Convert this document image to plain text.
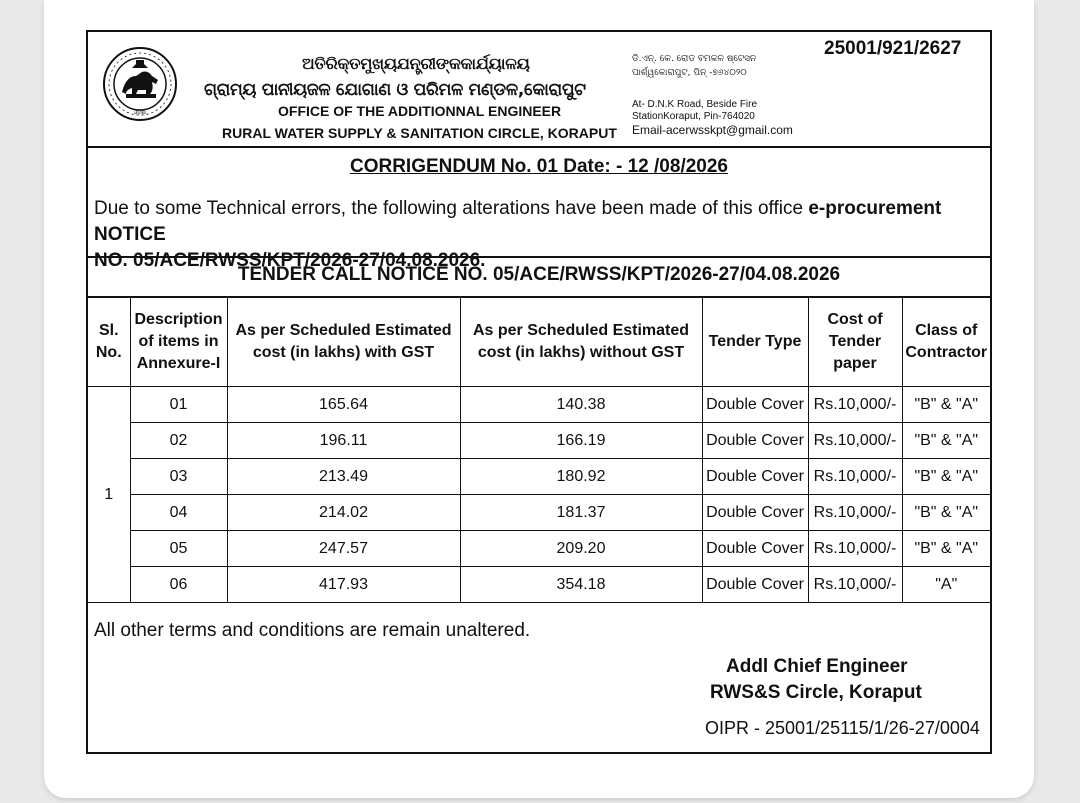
ଓଡ଼ିଶା
ଅତିରିକ୍ତମୁଖ୍ୟଯନ୍ତ୍ରୀଙ୍କକାର୍ଯ୍ୟାଳୟ
ଗ୍ରାମ୍ୟ ପାନୀୟଜଳ ଯୋଗାଣ ଓ ପରିମଳ ମଣ୍ଡଳ,କୋରାପୁଟ
OFFICE OF THE ADDITIONNAL ENGINEER
RURAL WATER SUPPLY & SANITATION CIRCLE, KORAPUT
ଡି.ଏନ୍. କେ. ରୋଡ ବମକଳ ଷ୍ଟେସନ
ପାର୍ଶ୍ୱକୋରାପୁଟ, ପିନ୍ -୭୬୪୦୨୦
At- D.N.K Road, Beside Fire
StationKoraput, Pin-764020
Email-acerwsskpt@gmail.com
25001/921/2627
CORRIGENDUM No. 01 Date: - 12 /08/2026
Due to some Technical errors, the following alterations have been made of this office e-procurement NOTICE
NO. 05/ACE/RWSS/KPT/2026-27/04.08.2026.
TENDER CALL NOTICE NO. 05/ACE/RWSS/KPT/2026-27/04.08.2026
Sl.
No.	Description
of items in
Annexure-I	As per Scheduled Estimated
cost (in lakhs) with GST	As per Scheduled Estimated
cost (in lakhs) without GST	Tender Type	Cost of
Tender
paper	Class of
Contractor
1	01	165.64	140.38	Double Cover	Rs.10,000/-	"B" & "A"
	02	196.11	166.19	Double Cover	Rs.10,000/-	"B" & "A"
	03	213.49	180.92	Double Cover	Rs.10,000/-	"B" & "A"
	04	214.02	181.37	Double Cover	Rs.10,000/-	"B" & "A"
	05	247.57	209.20	Double Cover	Rs.10,000/-	"B" & "A"
	06	417.93	354.18	Double Cover	Rs.10,000/-	"A"
All other terms and conditions are remain unaltered.
Addl Chief Engineer
RWS&S Circle, Koraput
OIPR - 25001/25115/1/26-27/0004
